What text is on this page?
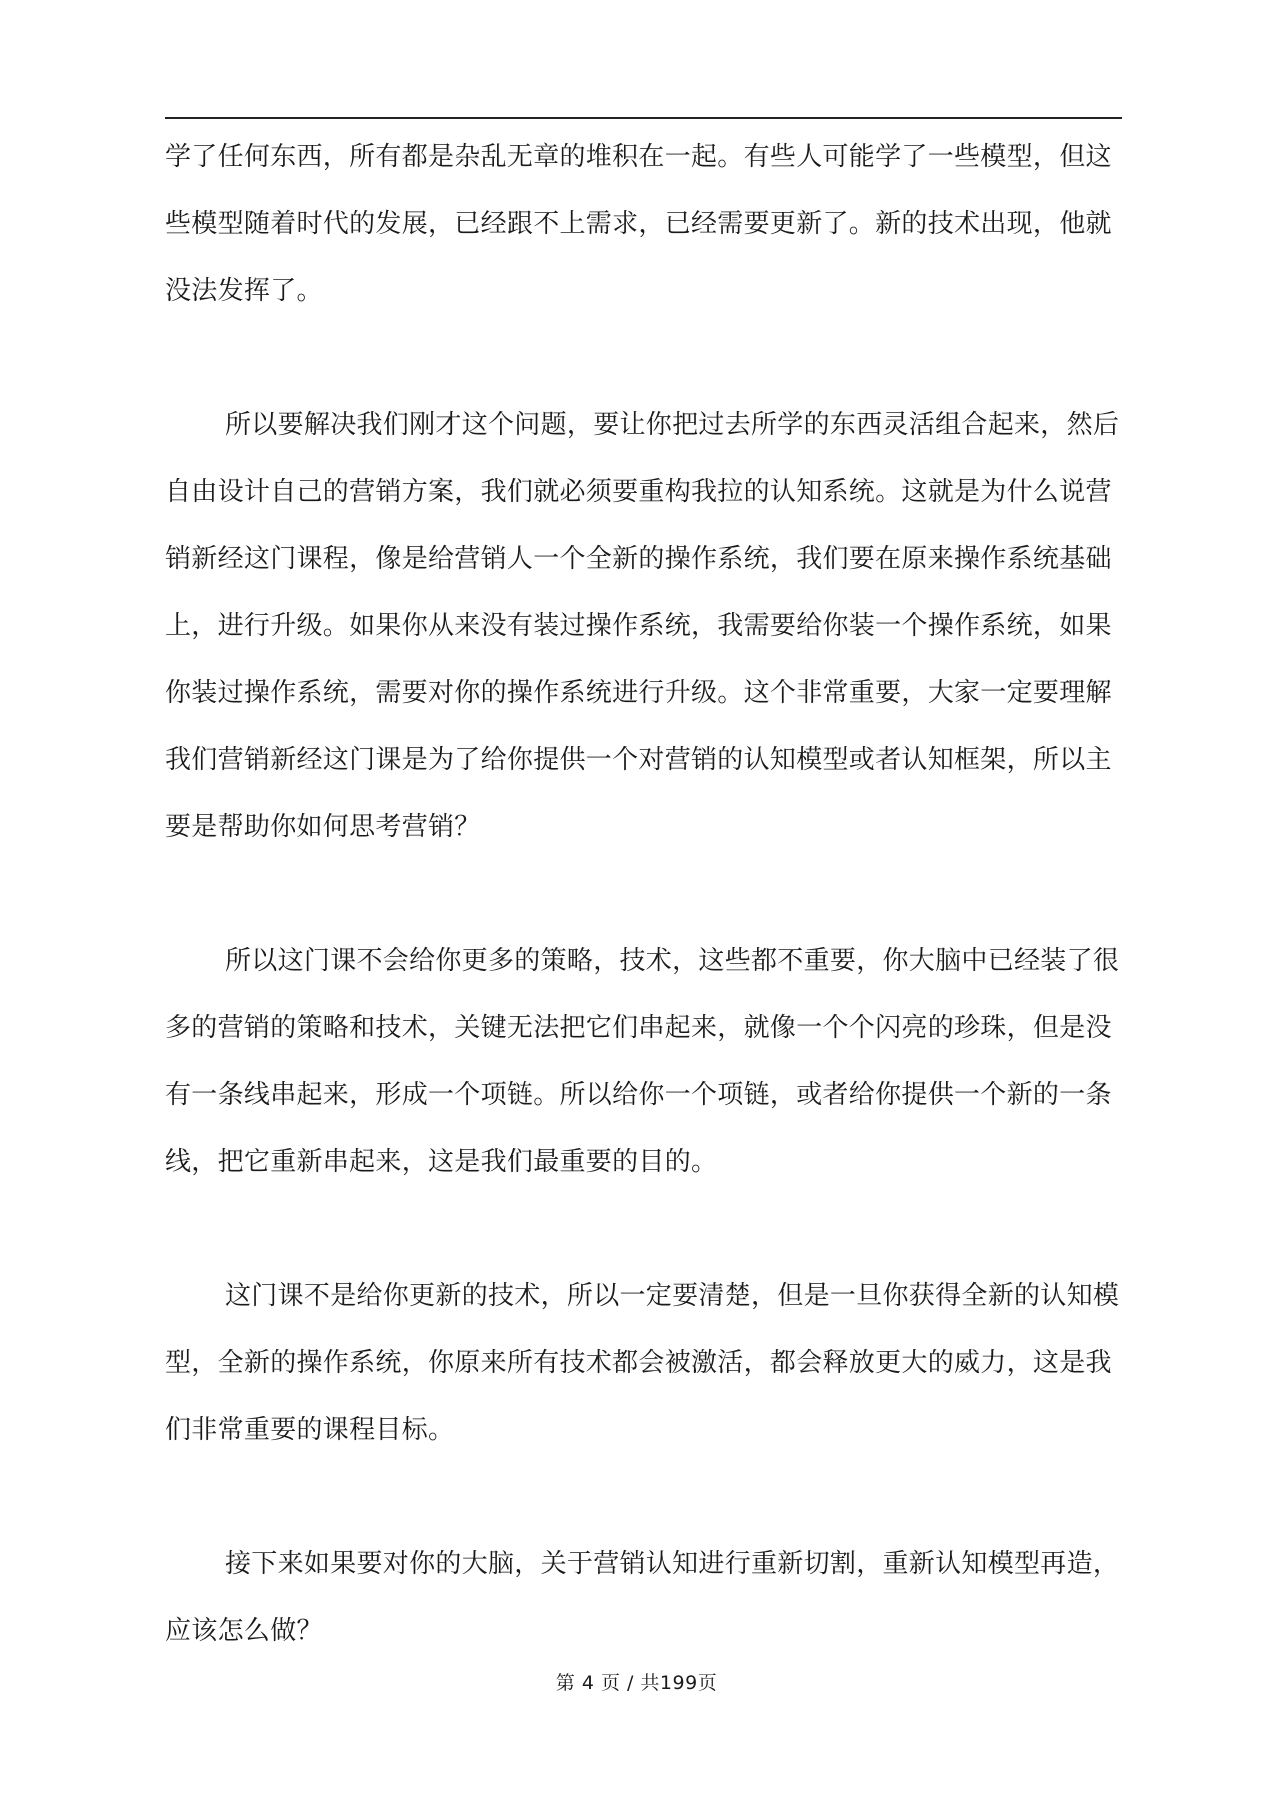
学了任何东西，所有都是杂乱无章的堆积在一起。有些人可能学了一些模型，但这些模型随着时代的发展，已经跟不上需求，已经需要更新了。新的技术出现，他就没法发挥了。

所以要解决我们刚才这个问题，要让你把过去所学的东西灵活组合起来，然后自由设计自己的营销方案，我们就必须要重构我拉的认知系统。这就是为什么说营销新经这门课程，像是给营销人一个全新的操作系统，我们要在原来操作系统基础上，进行升级。如果你从来没有装过操作系统，我需要给你装一个操作系统，如果你装过操作系统，需要对你的操作系统进行升级。这个非常重要，大家一定要理解我们营销新经这门课是为了给你提供一个对营销的认知模型或者认知框架，所以主要是帮助你如何思考营销？

所以这门课不会给你更多的策略，技术，这些都不重要，你大脑中已经装了很多的营销的策略和技术，关键无法把它们串起来，就像一个个闪亮的珍珠，但是没有一条线串起来，形成一个项链。所以给你一个项链，或者给你提供一个新的一条线，把它重新串起来，这是我们最重要的目的。

这门课不是给你更新的技术，所以一定要清楚，但是一旦你获得全新的认知模型，全新的操作系统，你原来所有技术都会被激活，都会释放更大的威力，这是我们非常重要的课程目标。

接下来如果要对你的大脑，关于营销认知进行重新切割，重新认知模型再造，应该怎么做？

第 4 页 / 共199页
